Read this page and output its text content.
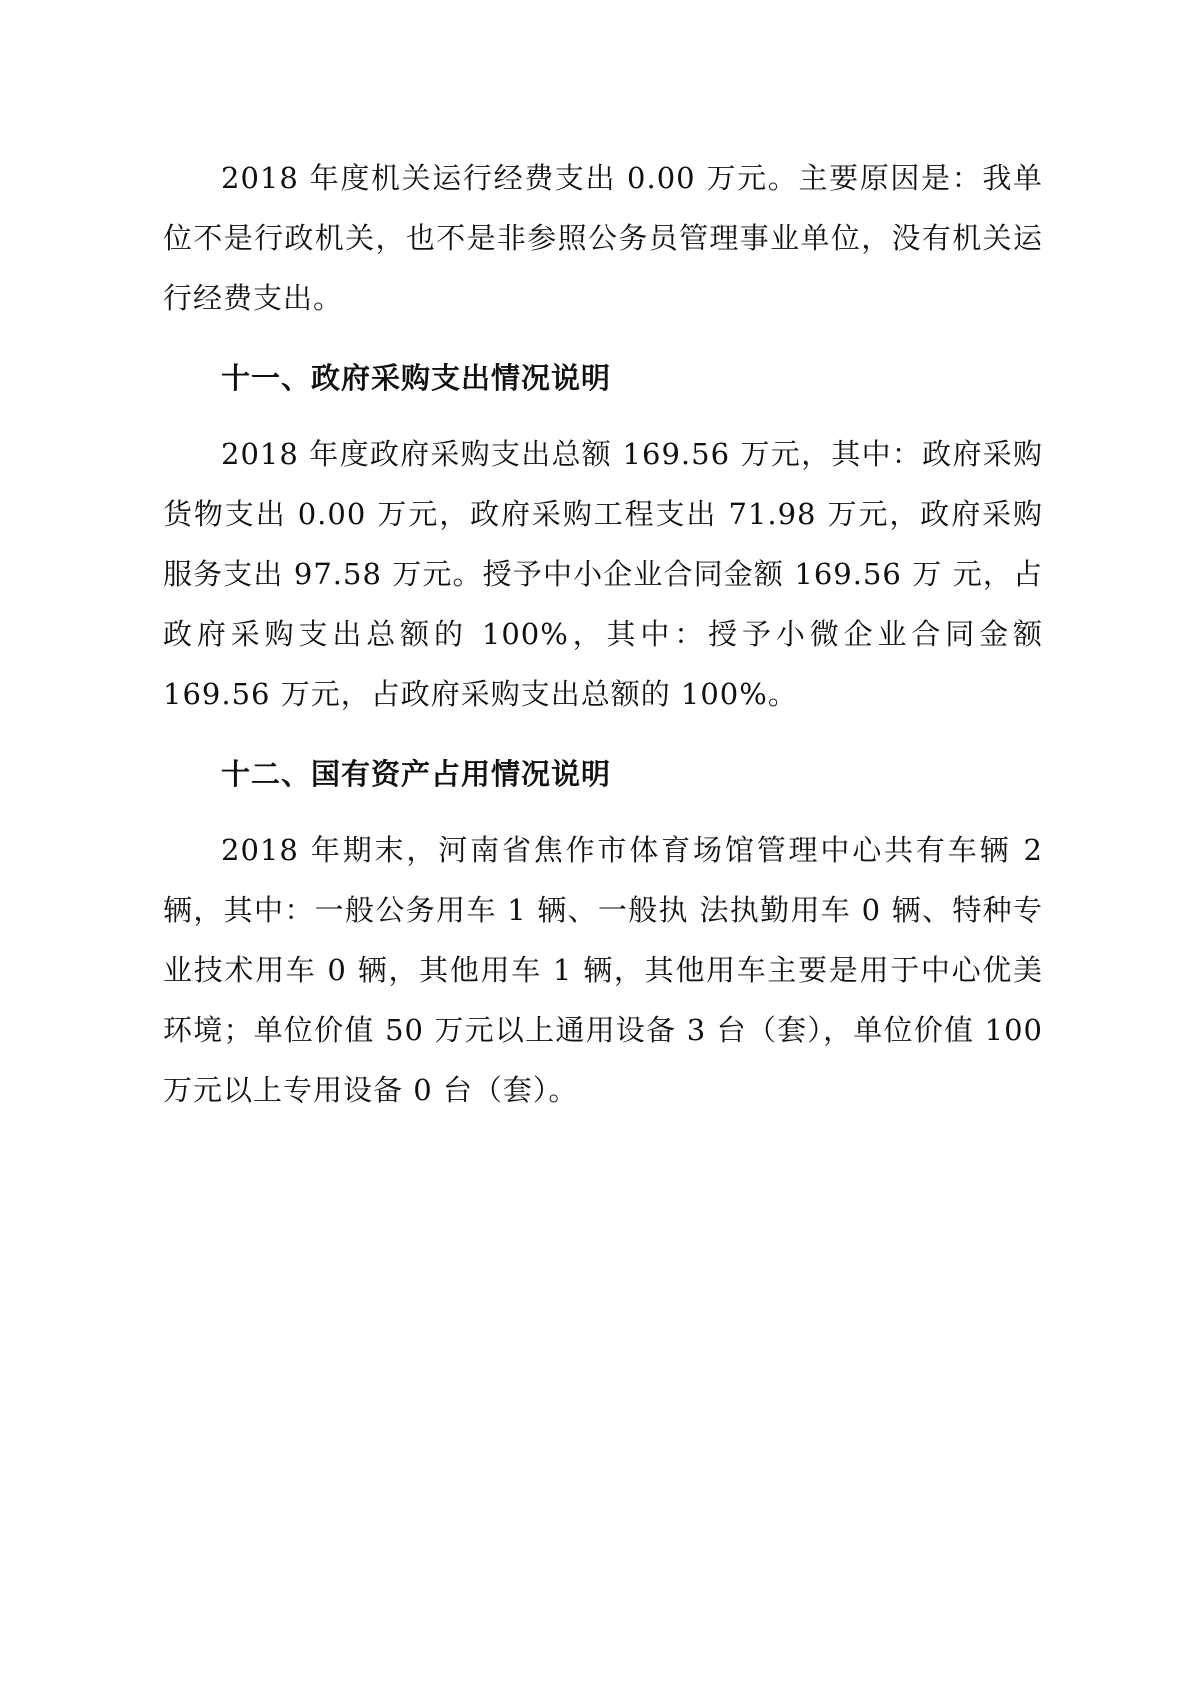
2018 年度机关运行经费支出 0.00 万元。主要原因是：我单位不是行政机关，也不是非参照公务员管理事业单位，没有机关运行经费支出。

十一、政府采购支出情况说明

2018 年度政府采购支出总额 169.56 万元，其中：政府采购货物支出 0.00 万元，政府采购工程支出 71.98 万元，政府采购服务支出 97.58 万元。授予中小企业合同金额 169.56 万 元，占政府采购支出总额的 100%，其中：授予小微企业合同金额 169.56 万元，占政府采购支出总额的 100%。

十二、国有资产占用情况说明

2018 年期末，河南省焦作市体育场馆管理中心共有车辆 2 辆，其中：一般公务用车 1 辆、一般执 法执勤用车 0 辆、特种专业技术用车 0 辆，其他用车 1 辆，其他用车主要是用于中心优美环境；单位价值 50 万元以上通用设备 3 台（套），单位价值 100 万元以上专用设备 0 台（套）。
